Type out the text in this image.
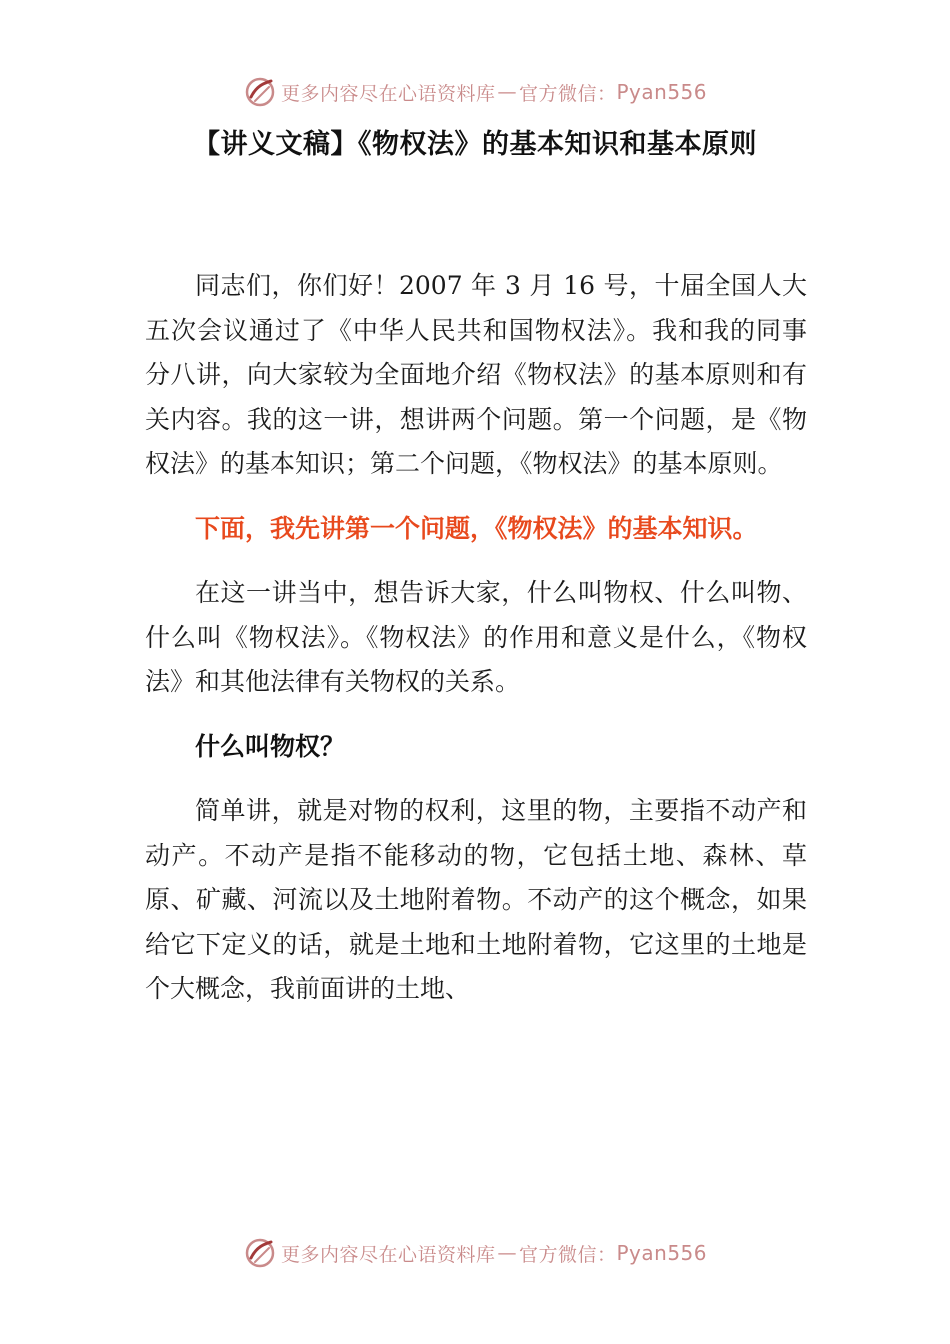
更多内容尽在心语资料库 — 官方微信： Pyan556
【讲义文稿】《物权法》的基本知识和基本原则

同志们，你们好！2007 年 3 月 16 号，十届全国人大五次会议通过了《中华人民共和国物权法》。我和我的同事分八讲，向大家较为全面地介绍《物权法》的基本原则和有关内容。我的这一讲，想讲两个问题。第一个问题，是《物权法》的基本知识；第二个问题，《物权法》的基本原则。

下面，我先讲第一个问题，《物权法》的基本知识。

在这一讲当中，想告诉大家，什么叫物权、什么叫物、什么叫《物权法》。《物权法》的作用和意义是什么，《物权法》和其他法律有关物权的关系。

什么叫物权？

简单讲，就是对物的权利，这里的物，主要指不动产和动产。不动产是指不能移动的物，它包括土地、森林、草原、矿藏、河流以及土地附着物。不动产的这个概念，如果给它下定义的话，就是土地和土地附着物，它这里的土地是个大概念，我前面讲的土地、

更多内容尽在心语资料库 — 官方微信： Pyan556
